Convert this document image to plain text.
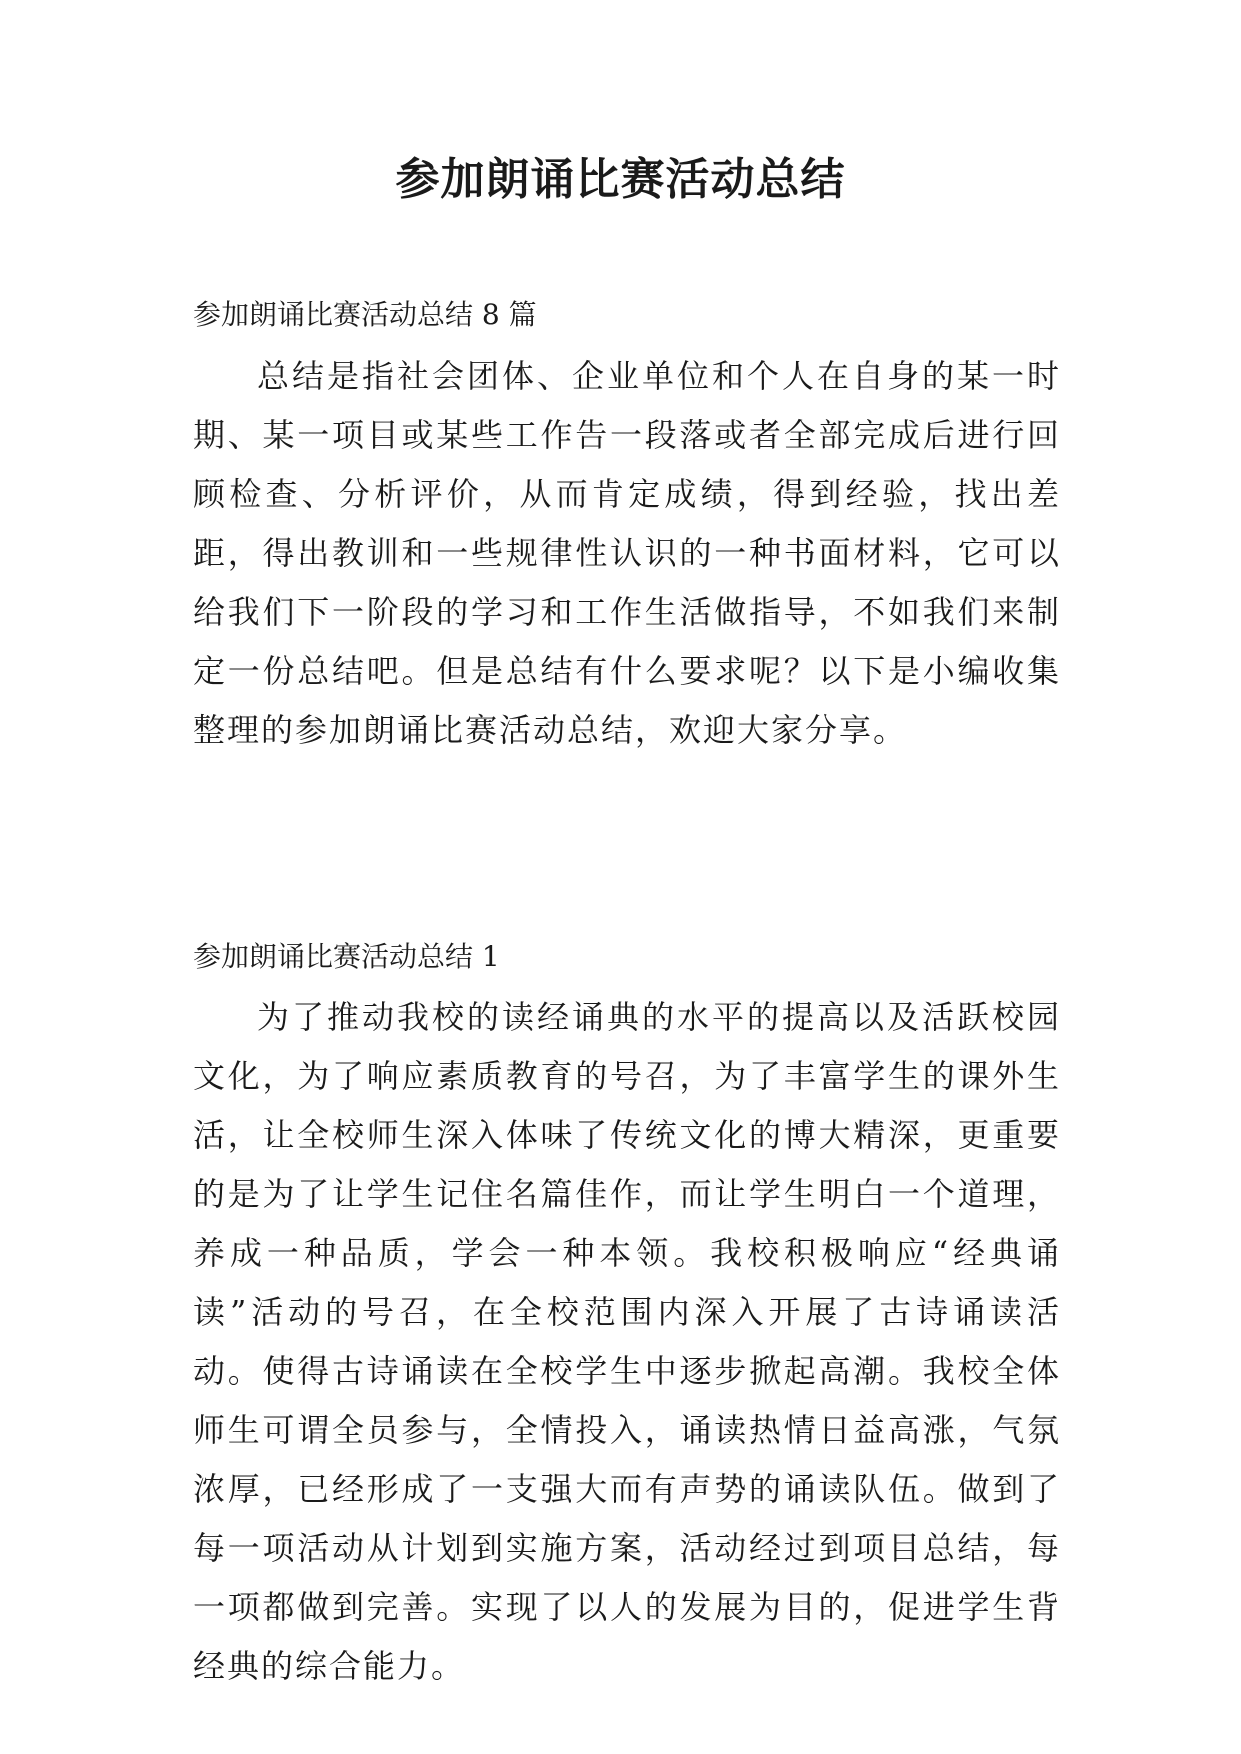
参加朗诵比赛活动总结

参加朗诵比赛活动总结 8 篇

总结是指社会团体、企业单位和个人在自身的某一时期、某一项目或某些工作告一段落或者全部完成后进行回顾检查、分析评价，从而肯定成绩，得到经验，找出差距，得出教训和一些规律性认识的一种书面材料，它可以给我们下一阶段的学习和工作生活做指导，不如我们来制定一份总结吧。但是总结有什么要求呢？以下是小编收集整理的参加朗诵比赛活动总结，欢迎大家分享。

参加朗诵比赛活动总结 1

为了推动我校的读经诵典的水平的提高以及活跃校园文化，为了响应素质教育的号召，为了丰富学生的课外生活，让全校师生深入体味了传统文化的博大精深，更重要的是为了让学生记住名篇佳作，而让学生明白一个道理，养成一种品质，学会一种本领。我校积极响应“经典诵读”活动的号召，在全校范围内深入开展了古诗诵读活动。使得古诗诵读在全校学生中逐步掀起高潮。我校全体师生可谓全员参与，全情投入，诵读热情日益高涨，气氛浓厚，已经形成了一支强大而有声势的诵读队伍。做到了每一项活动从计划到实施方案，活动经过到项目总结，每一项都做到完善。实现了以人的发展为目的，促进学生背经典的综合能力。
